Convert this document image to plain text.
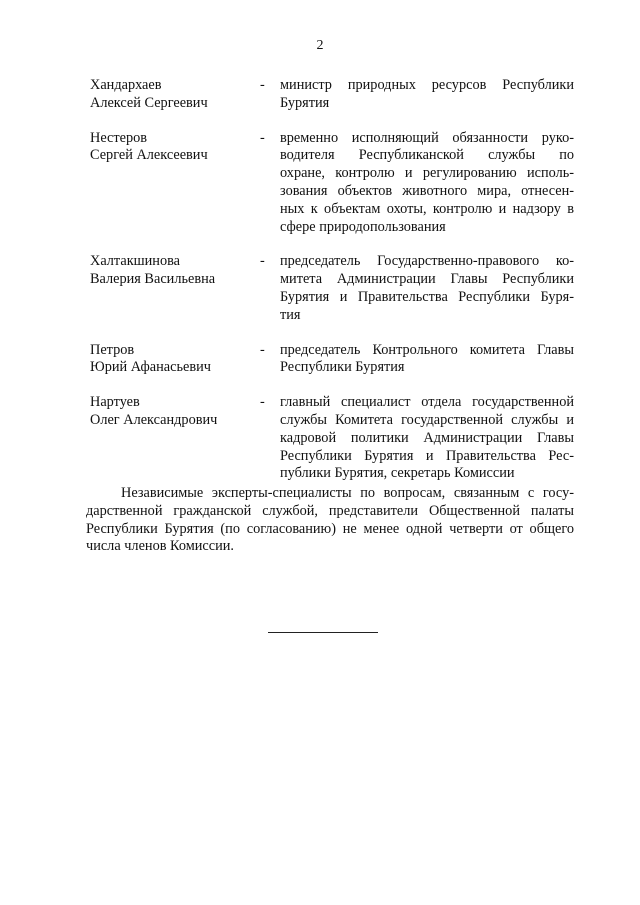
2
Хандархаев
Алексей Сергеевич
-	министр природных ресурсов Республики
Бурятия
Нестеров
Сергей Алексеевич
-	временно исполняющий обязанности руко-
водителя Республиканской службы по
охране, контролю и регулированию исполь-
зования объектов животного мира, отнесен-
ных к объектам охоты, контролю и надзору в
сфере природопользования
Халтакшинова
Валерия Васильевна
-	председатель Государственно-правового ко-
митета Администрации Главы Республики
Бурятия и Правительства Республики Буря-
тия
Петров
Юрий Афанасьевич
-	председатель Контрольного комитета Главы
Республики Бурятия
Нартуев
Олег Александрович
-	главный специалист отдела государственной
службы Комитета государственной службы и
кадровой политики Администрации Главы
Республики Бурятия и Правительства Рес-
публики Бурятия, секретарь Комиссии
Независимые эксперты-специалисты по вопросам, связанным с госу-
дарственной гражданской службой, представители Общественной палаты
Республики Бурятия (по согласованию) не менее одной четверти от общего
числа членов Комиссии.
